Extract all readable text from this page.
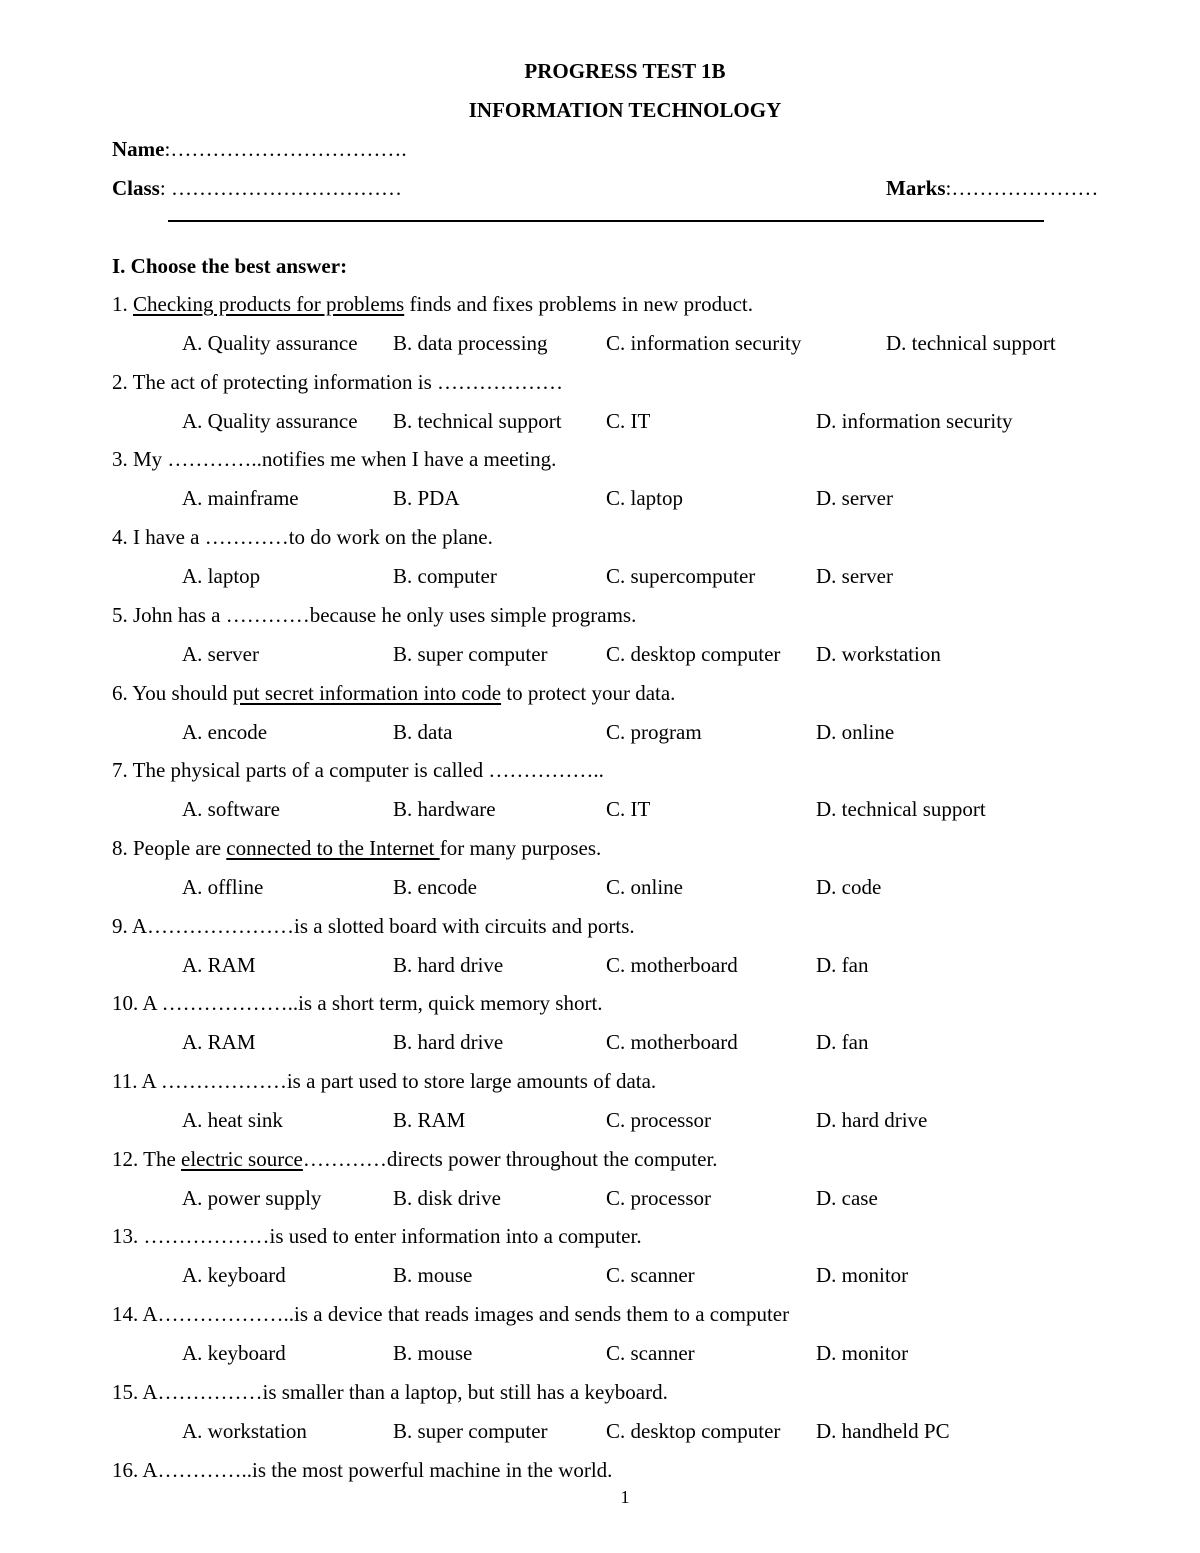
PROGRESS TEST 1B
INFORMATION TECHNOLOGY
Name:…………………………….
Class: ……………………………	Marks:…………………
I. Choose the best answer:
1. Checking products for problems finds and fixes problems in new product.
A. Quality assurance B. data processing	C. information security	D. technical support
2. The act of protecting information is ………………
A. Quality assurance B. technical support C. IT	D. information security
3. My …………..notifies me when I have a meeting.
A. mainframe	B. PDA	C. laptop	D. server
4. I have a …………to do work on the plane.
A. laptop	B. computer	C. supercomputer	D. server
5. John has a …………because he only uses simple programs.
A. server	B. super computer	C. desktop computer D. workstation
6. You should put secret information into code to protect your data.
A. encode	B. data	C. program	D. online
7. The physical parts of a computer is called ……………..
A. software	B. hardware	C. IT	D. technical support
8. People are connected to the Internet for many purposes.
A. offline	B. encode	C. online	D. code
9. A…………………is a slotted board with circuits and ports.
A. RAM	B. hard drive	C. motherboard	D. fan
10. A ………………..is a short term, quick memory short.
A. RAM	B. hard drive	C. motherboard	D. fan
11. A ………………is a part used to store large amounts of data.
A. heat sink	B. RAM	C. processor	D. hard drive
12. The electric source…………directs power throughout the computer.
A. power supply	B. disk drive	C. processor	D. case
13. ………………is used to enter information into a computer.
A. keyboard	B. mouse	C. scanner	D. monitor
14. A………………..is a device that reads images and sends them to a computer
A. keyboard	B. mouse	C. scanner	D. monitor
15. A……………is smaller than a laptop, but still has a keyboard.
A. workstation	B. super computer	C. desktop computer D. handheld PC
16. A…………..is the most powerful machine in the world.
1
